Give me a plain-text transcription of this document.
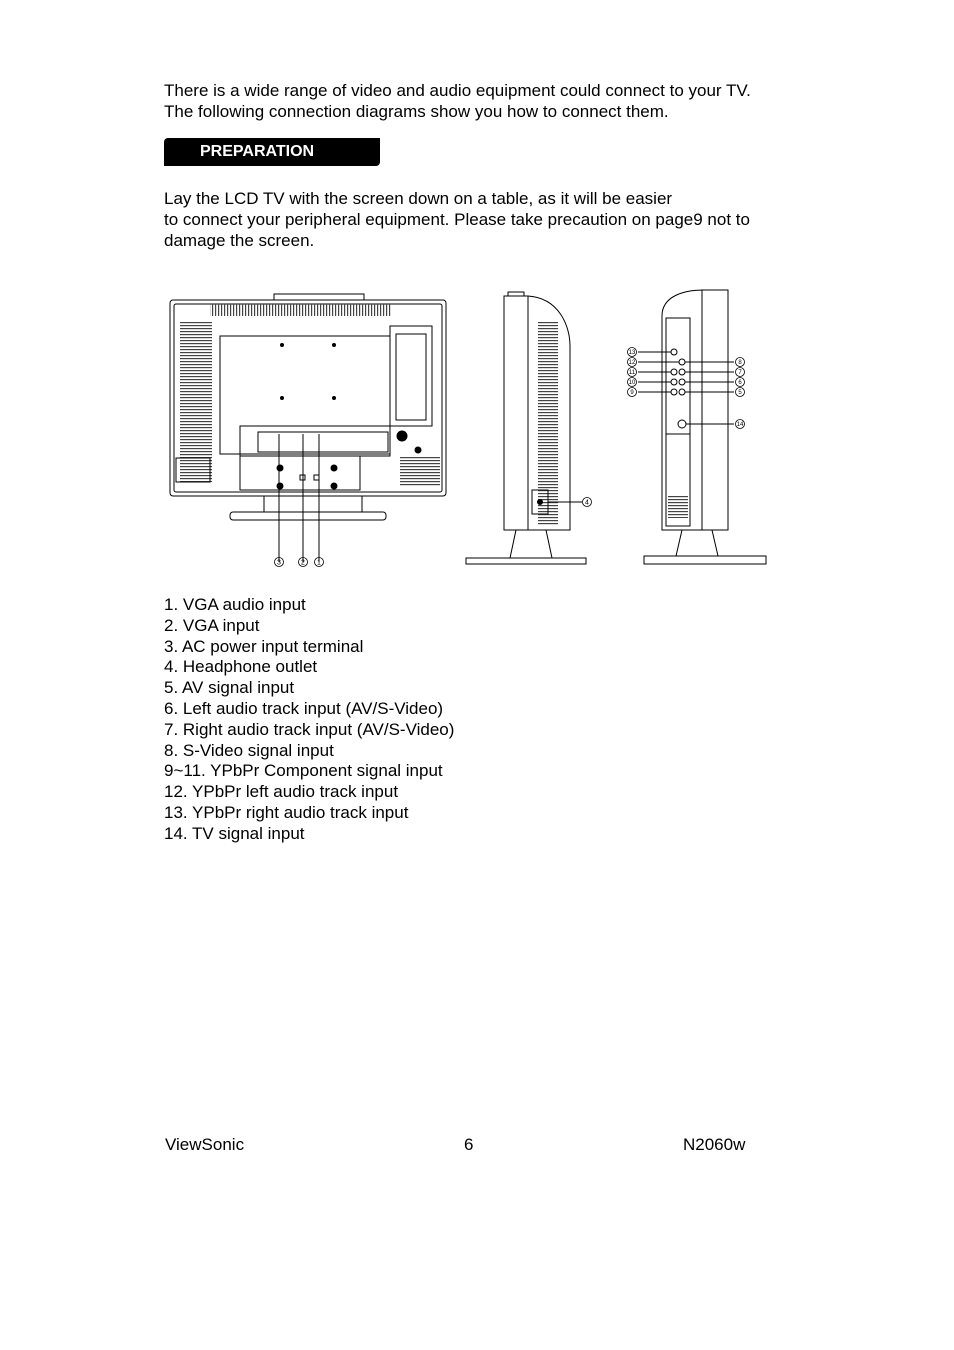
There is a wide range of video and audio equipment could connect to your TV.
The following connection diagrams show you how to connect them.
PREPARATION
Lay the LCD TV with the screen down on a table, as it will be easier
to connect your peripheral equipment. Please take precaution on page9 not to
damage the screen.
3	2 1
4
13
12
11
10
9
8
7
6
5
14
1. VGA audio input
2. VGA input
3. AC power input terminal
4. Headphone outlet
5. AV signal input
6. Left audio track input (AV/S-Video)
7. Right audio track input (AV/S-Video)
8. S-Video signal input
9~11. YPbPr Component signal input
12. YPbPr left audio track input
13. YPbPr right audio track input
14. TV signal input
ViewSonic	6	N2060w
